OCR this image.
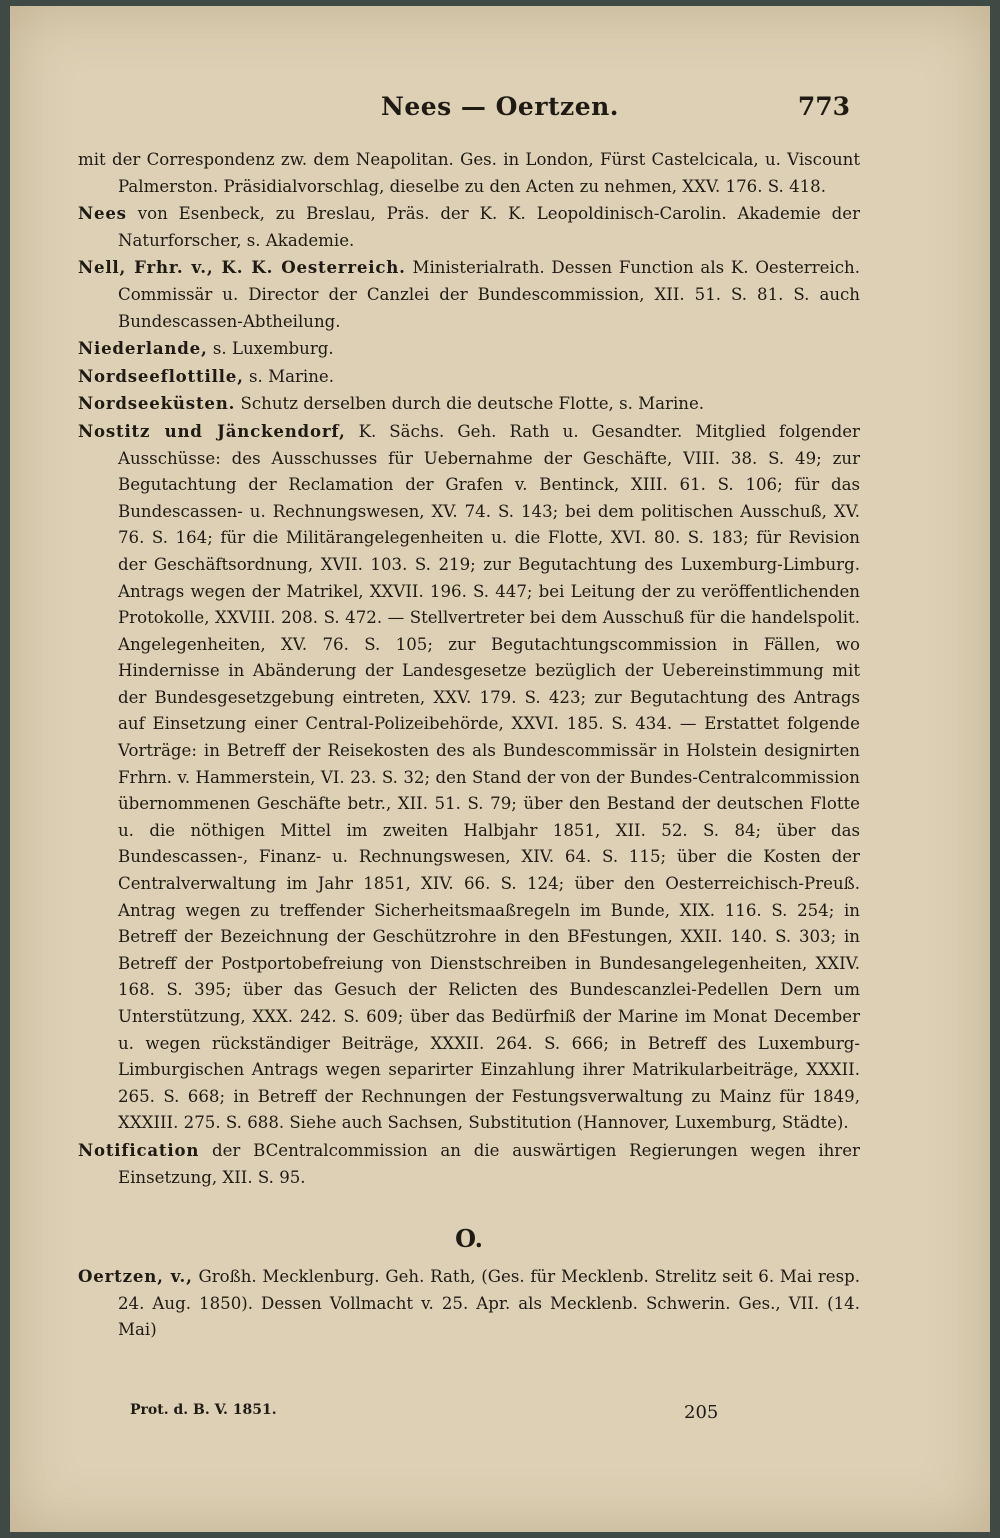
Nees — Oertzen.	773

mit der Correspondenz zw. dem Neapolitan. Ges. in London, Fürst Castelcicala, u. Viscount Palmerston. Präsidialvorschlag, dieselbe zu den Acten zu nehmen, XXV. 176. S. 418.

Nees von Esenbeck, zu Breslau, Präs. der K. K. Leopoldinisch-Carolin. Akademie der Naturforscher, s. Akademie.

Nell, Frhr. v., K. K. Oesterreich. Ministerialrath. Dessen Function als K. Oesterreich. Commissär u. Director der Canzlei der Bundescommission, XII. 51. S. 81. S. auch Bundescassen-Abtheilung.

Niederlande, s. Luxemburg.

Nordseeflottille, s. Marine.

Nordseeküsten. Schutz derselben durch die deutsche Flotte, s. Marine.

Nostitz und Jänckendorf, K. Sächs. Geh. Rath u. Gesandter. Mitglied folgender Ausschüsse: des Ausschusses für Uebernahme der Geschäfte, VIII. 38. S. 49; zur Begutachtung der Reclamation der Grafen v. Bentinck, XIII. 61. S. 106; für das Bundescassen- u. Rechnungswesen, XV. 74. S. 143; bei dem politischen Ausschuß, XV. 76. S. 164; für die Militärangelegenheiten u. die Flotte, XVI. 80. S. 183; für Revision der Geschäftsordnung, XVII. 103. S. 219; zur Begutachtung des Luxemburg-Limburg. Antrags wegen der Matrikel, XXVII. 196. S. 447; bei Leitung der zu veröffentlichenden Protokolle, XXVIII. 208. S. 472. — Stellvertreter bei dem Ausschuß für die handelspolit. Angelegenheiten, XV. 76. S. 105; zur Begutachtungscommission in Fällen, wo Hindernisse in Abänderung der Landesgesetze bezüglich der Uebereinstimmung mit der Bundesgesetzgebung eintreten, XXV. 179. S. 423; zur Begutachtung des Antrags auf Einsetzung einer Central-Polizeibehörde, XXVI. 185. S. 434. — Erstattet folgende Vorträge: in Betreff der Reisekosten des als Bundescommissär in Holstein designirten Frhrn. v. Hammerstein, VI. 23. S. 32; den Stand der von der Bundes-Centralcommission übernommenen Geschäfte betr., XII. 51. S. 79; über den Bestand der deutschen Flotte u. die nöthigen Mittel im zweiten Halbjahr 1851, XII. 52. S. 84; über das Bundescassen-, Finanz- u. Rechnungswesen, XIV. 64. S. 115; über die Kosten der Centralverwaltung im Jahr 1851, XIV. 66. S. 124; über den Oesterreichisch-Preuß. Antrag wegen zu treffender Sicherheitsmaaßregeln im Bunde, XIX. 116. S. 254; in Betreff der Bezeichnung der Geschützrohre in den BFestungen, XXII. 140. S. 303; in Betreff der Postportobefreiung von Dienstschreiben in Bundesangelegenheiten, XXIV. 168. S. 395; über das Gesuch der Relicten des Bundescanzlei-Pedellen Dern um Unterstützung, XXX. 242. S. 609; über das Bedürfniß der Marine im Monat December u. wegen rückständiger Beiträge, XXXII. 264. S. 666; in Betreff des Luxemburg-Limburgischen Antrags wegen separirter Einzahlung ihrer Matrikularbeiträge, XXXII. 265. S. 668; in Betreff der Rechnungen der Festungsverwaltung zu Mainz für 1849, XXXIII. 275. S. 688. Siehe auch Sachsen, Substitution (Hannover, Luxemburg, Städte).

Notification der BCentralcommission an die auswärtigen Regierungen wegen ihrer Einsetzung, XII. S. 95.

O.

Oertzen, v., Großh. Mecklenburg. Geh. Rath, (Ges. für Mecklenb. Strelitz seit 6. Mai resp. 24. Aug. 1850). Dessen Vollmacht v. 25. Apr. als Mecklenb. Schwerin. Ges., VII. (14. Mai)

Prot. d. B. V. 1851.	205
